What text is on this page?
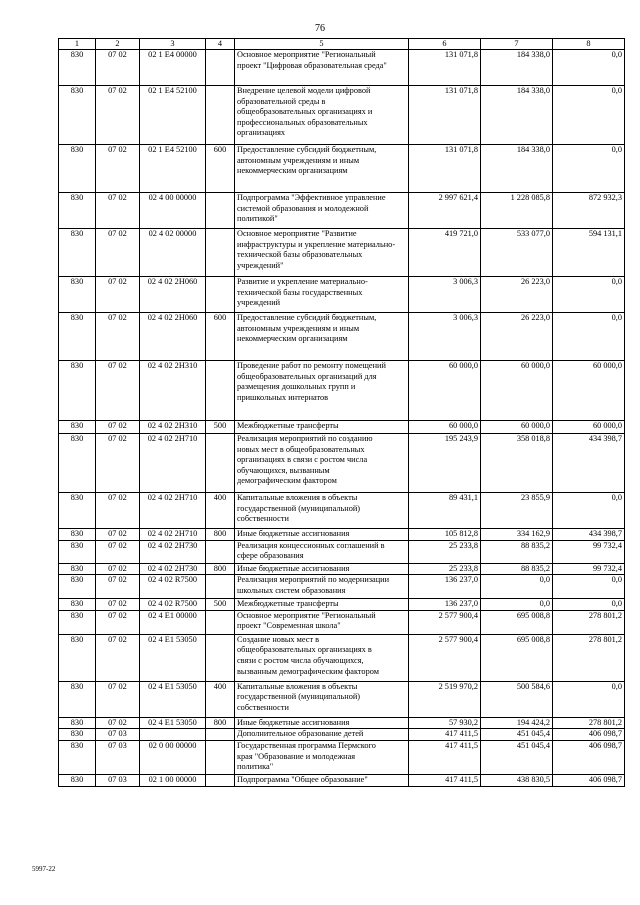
76
1	2	3	4	5	6	7	8
830	07 02	02 1 E4 00000		Основное мероприятие "Региональный
проект "Цифровая образовательная среда"	131 071,8	184 338,0	0,0
830	07 02	02 1 E4 52100		Внедрение целевой модели цифровой
образовательной среды в
общеобразовательных организациях и
профессиональных образовательных
организациях	131 071,8	184 338,0	0,0
830	07 02	02 1 E4 52100	600	Предоставление субсидий бюджетным,
автономным учреждениям и иным
некоммерческим организациям	131 071,8	184 338,0	0,0
830	07 02	02 4 00 00000		Подпрограмма "Эффективное управление
системой образования и молодежной
политикой"	2 997 621,4	1 228 085,8	872 932,3
830	07 02	02 4 02 00000		Основное мероприятие "Развитие
инфраструктуры и укрепление материально-
технической базы образовательных
учреждений"	419 721,0	533 077,0	594 131,1
830	07 02	02 4 02 2Н060		Развитие и укрепление материально-
технической базы государственных
учреждений	3 006,3	26 223,0	0,0
830	07 02	02 4 02 2Н060	600	Предоставление субсидий бюджетным,
автономным учреждениям и иным
некоммерческим организациям	3 006,3	26 223,0	0,0
830	07 02	02 4 02 2Н310		Проведение работ по ремонту помещений
общеобразовательных организаций для
размещения дошкольных групп и
пришкольных интернатов	60 000,0	60 000,0	60 000,0
830	07 02	02 4 02 2Н310	500	Межбюджетные трансферты	60 000,0	60 000,0	60 000,0
830	07 02	02 4 02 2Н710		Реализация мероприятий по созданию
новых мест в общеобразовательных
организациях в связи с ростом числа
обучающихся, вызванным
демографическим фактором	195 243,9	358 018,8	434 398,7
830	07 02	02 4 02 2Н710	400	Капитальные вложения в объекты
государственной (муниципальной)
собственности	89 431,1	23 855,9	0,0
830	07 02	02 4 02 2Н710	800	Иные бюджетные ассигнования	105 812,8	334 162,9	434 398,7
830	07 02	02 4 02 2Н730		Реализация концессионных соглашений в
сфере образования	25 233,8	88 835,2	99 732,4
830	07 02	02 4 02 2Н730	800	Иные бюджетные ассигнования	25 233,8	88 835,2	99 732,4
830	07 02	02 4 02 R7500		Реализация мероприятий по модернизации
школьных систем образования	136 237,0	0,0	0,0
830	07 02	02 4 02 R7500	500	Межбюджетные трансферты	136 237,0	0,0	0,0
830	07 02	02 4 E1 00000		Основное мероприятие "Региональный
проект "Современная школа"	2 577 900,4	695 008,8	278 801,2
830	07 02	02 4 E1 53050		Создание новых мест в
общеобразовательных организациях в
связи с ростом числа обучающихся,
вызванным демографическим фактором	2 577 900,4	695 008,8	278 801,2
830	07 02	02 4 E1 53050	400	Капитальные вложения в объекты
государственной (муниципальной)
собственности	2 519 970,2	500 584,6	0,0
830	07 02	02 4 E1 53050	800	Иные бюджетные ассигнования	57 930,2	194 424,2	278 801,2
830	07 03			Дополнительное образование детей	417 411,5	451 045,4	406 098,7
830	07 03	02 0 00 00000		Государственная программа Пермского
края "Образование и молодежная
политика"	417 411,5	451 045,4	406 098,7
830	07 03	02 1 00 00000		Подпрограмма "Общее образование"	417 411,5	438 830,5	406 098,7
5997-22
